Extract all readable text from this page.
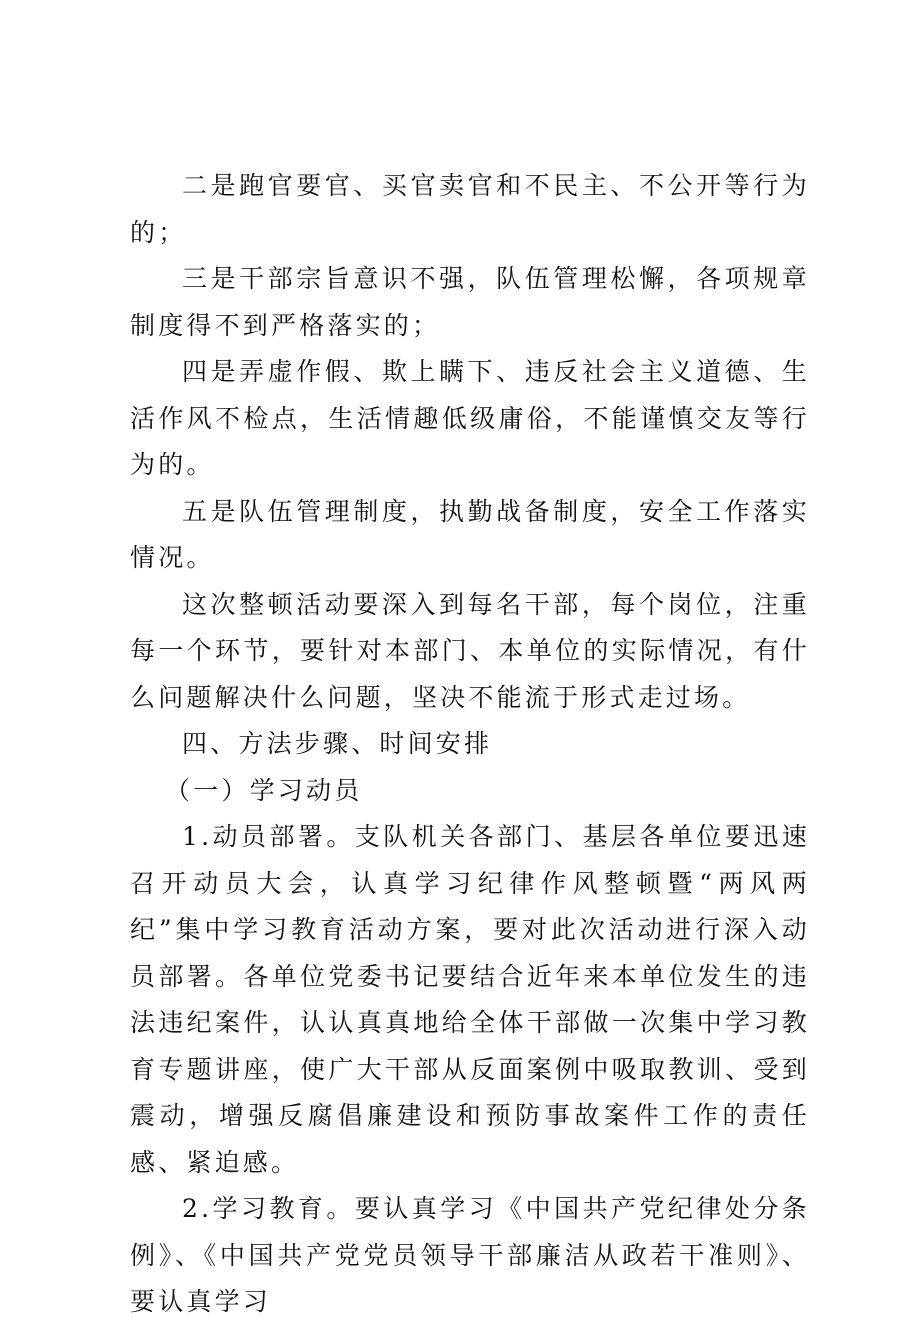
二是跑官要官、买官卖官和不民主、不公开等行为的；

三是干部宗旨意识不强，队伍管理松懈，各项规章制度得不到严格落实的；

四是弄虚作假、欺上瞒下、违反社会主义道德、生活作风不检点，生活情趣低级庸俗，不能谨慎交友等行为的。

五是队伍管理制度，执勤战备制度，安全工作落实情况。

这次整顿活动要深入到每名干部，每个岗位，注重每一个环节，要针对本部门、本单位的实际情况，有什么问题解决什么问题，坚决不能流于形式走过场。

四、方法步骤、时间安排

（一）学习动员

1.动员部署。支队机关各部门、基层各单位要迅速召开动员大会，认真学习纪律作风整顿暨“两风两纪”集中学习教育活动方案，要对此次活动进行深入动员部署。各单位党委书记要结合近年来本单位发生的违法违纪案件，认认真真地给全体干部做一次集中学习教育专题讲座，使广大干部从反面案例中吸取教训、受到震动，增强反腐倡廉建设和预防事故案件工作的责任感、紧迫感。

2.学习教育。要认真学习《中国共产党纪律处分条例》、《中国共产党党员领导干部廉洁从政若干准则》、要认真学习
